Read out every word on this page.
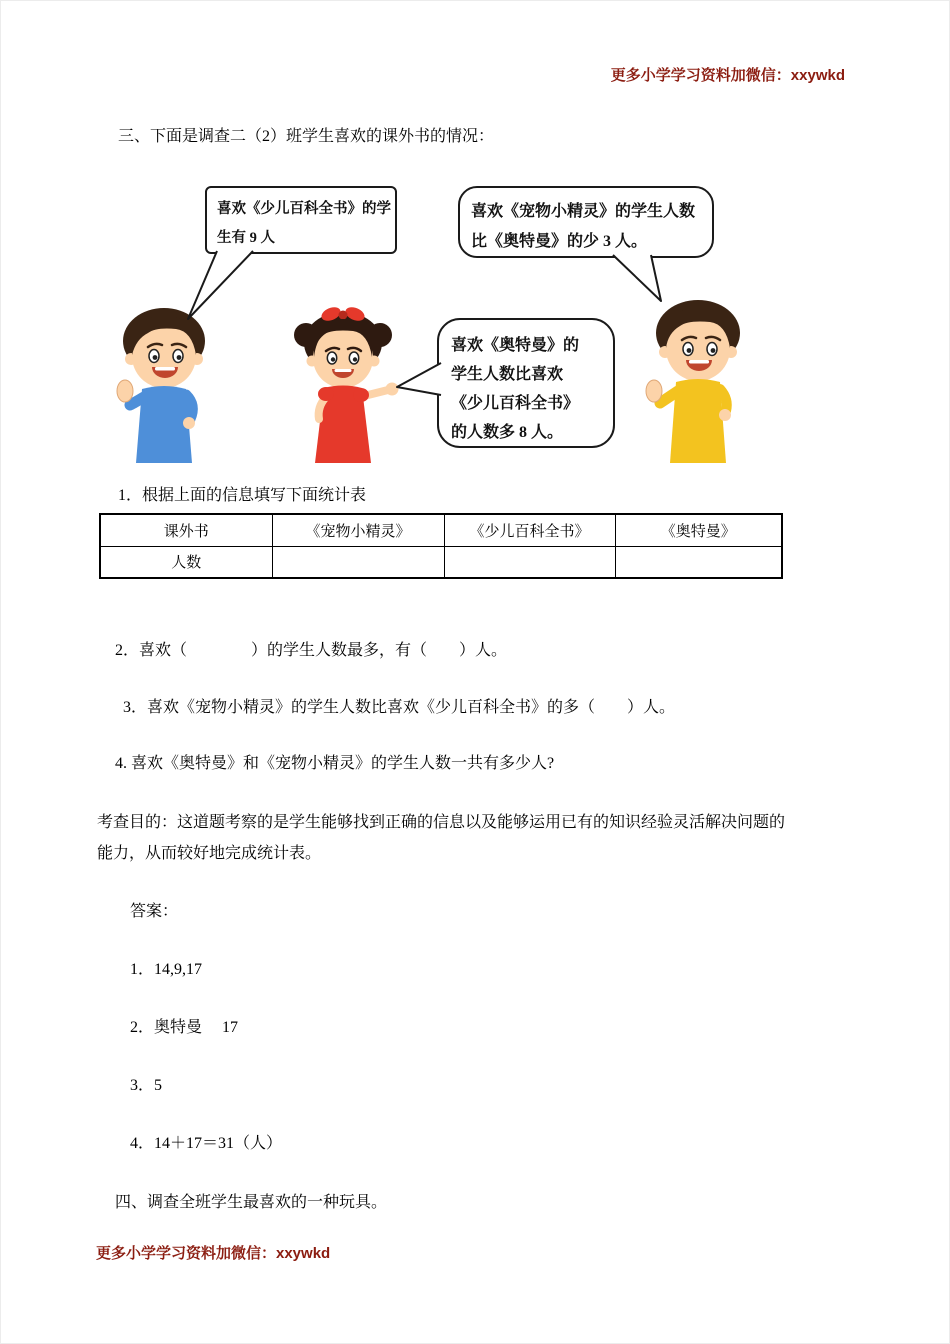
更多小学学习资料加微信：xxywkd
三、下面是调查二（2）班学生喜欢的课外书的情况：
喜欢《少儿百科全书》的学
生有 9 人
喜欢《宠物小精灵》的学生人数
比《奥特曼》的少 3 人。
喜欢《奥特曼》的
学生人数比喜欢
《少儿百科全书》
的人数多 8 人。
1．根据上面的信息填写下面统计表
课外书	《宠物小精灵》	《少儿百科全书》	《奥特曼》
人数			
2．喜欢（　　　　）的学生人数最多，有（　　）人。
3．喜欢《宠物小精灵》的学生人数比喜欢《少儿百科全书》的多（　　）人。
4. 喜欢《奥特曼》和《宠物小精灵》的学生人数一共有多少人?
考查目的：这道题考察的是学生能够找到正确的信息以及能够运用已有的知识经验灵活解决问题的能力，从而较好地完成统计表。
答案：
1．14,9,17
2．奥特曼　 17
3．5
4．14＋17＝31（人）
四、调查全班学生最喜欢的一种玩具。
更多小学学习资料加微信：xxywkd
